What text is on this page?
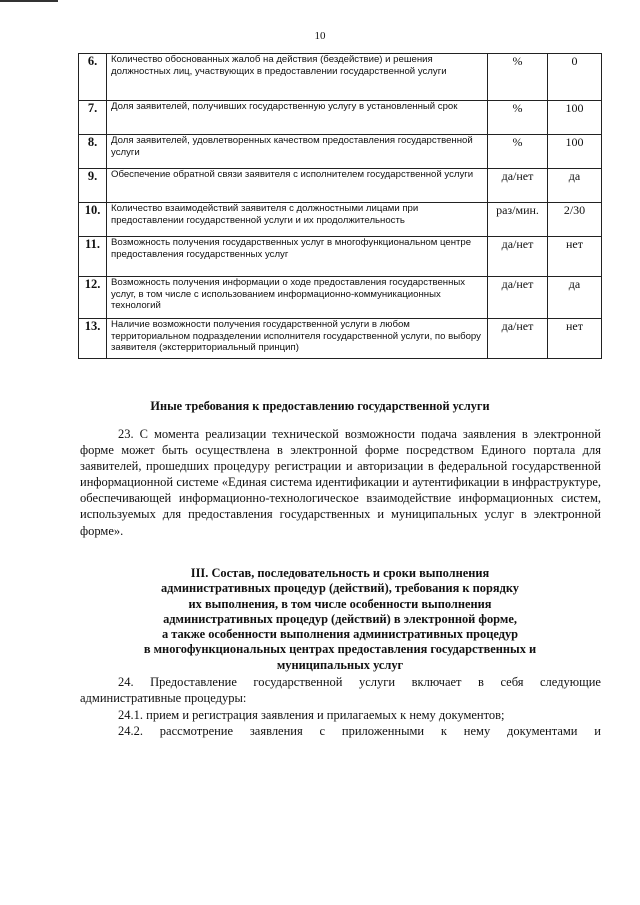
10
6.	Количество обоснованных жалоб на действия (бездействие) и решения должностных лиц, участвующих в предоставлении государственной услуги	%	0
7.	Доля заявителей, получивших государственную услугу в установленный срок	%	100
8.	Доля заявителей, удовлетворенных качеством предоставления государственной услуги	%	100
9.	Обеспечение обратной связи заявителя с исполнителем государственной услуги	да/нет	да
10.	Количество взаимодействий заявителя с должностными лицами при предоставлении государственной услуги и их продолжительность	раз/мин.	2/30
11.	Возможность получения государственных услуг в многофункциональном центре предоставления государственных услуг	да/нет	нет
12.	Возможность получения информации о ходе предоставления государственных услуг, в том числе с использованием информационно-коммуникационных технологий	да/нет	да
13.	Наличие возможности получения государственной услуги в любом территориальном подразделении исполнителя государственной услуги, по выбору заявителя (экстерриториальный принцип)	да/нет	нет
Иные требования к предоставлению государственной услуги

23. С момента реализации технической возможности подача заявления в электронной форме может быть осуществлена в электронной форме посредством Единого портала для заявителей, прошедших процедуру регистрации и авторизации в федеральной государственной информационной системе «Единая система идентификации и аутентификации в инфраструктуре, обеспечивающей информационно-технологическое взаимодействие информационных систем, используемых для предоставления государственных и муниципальных услуг в электронной форме».

III. Состав, последовательность и сроки выполнения
административных процедур (действий), требования к порядку
их выполнения, в том числе особенности выполнения
административных процедур (действий) в электронной форме,
а также особенности выполнения административных процедур
в многофункциональных центрах предоставления государственных и
муниципальных услуг

24. Предоставление государственной услуги включает в себя следующие административные процедуры:

24.1. прием и регистрация заявления и прилагаемых к нему документов;
24.2. рассмотрение заявления с приложенными к нему документами и
